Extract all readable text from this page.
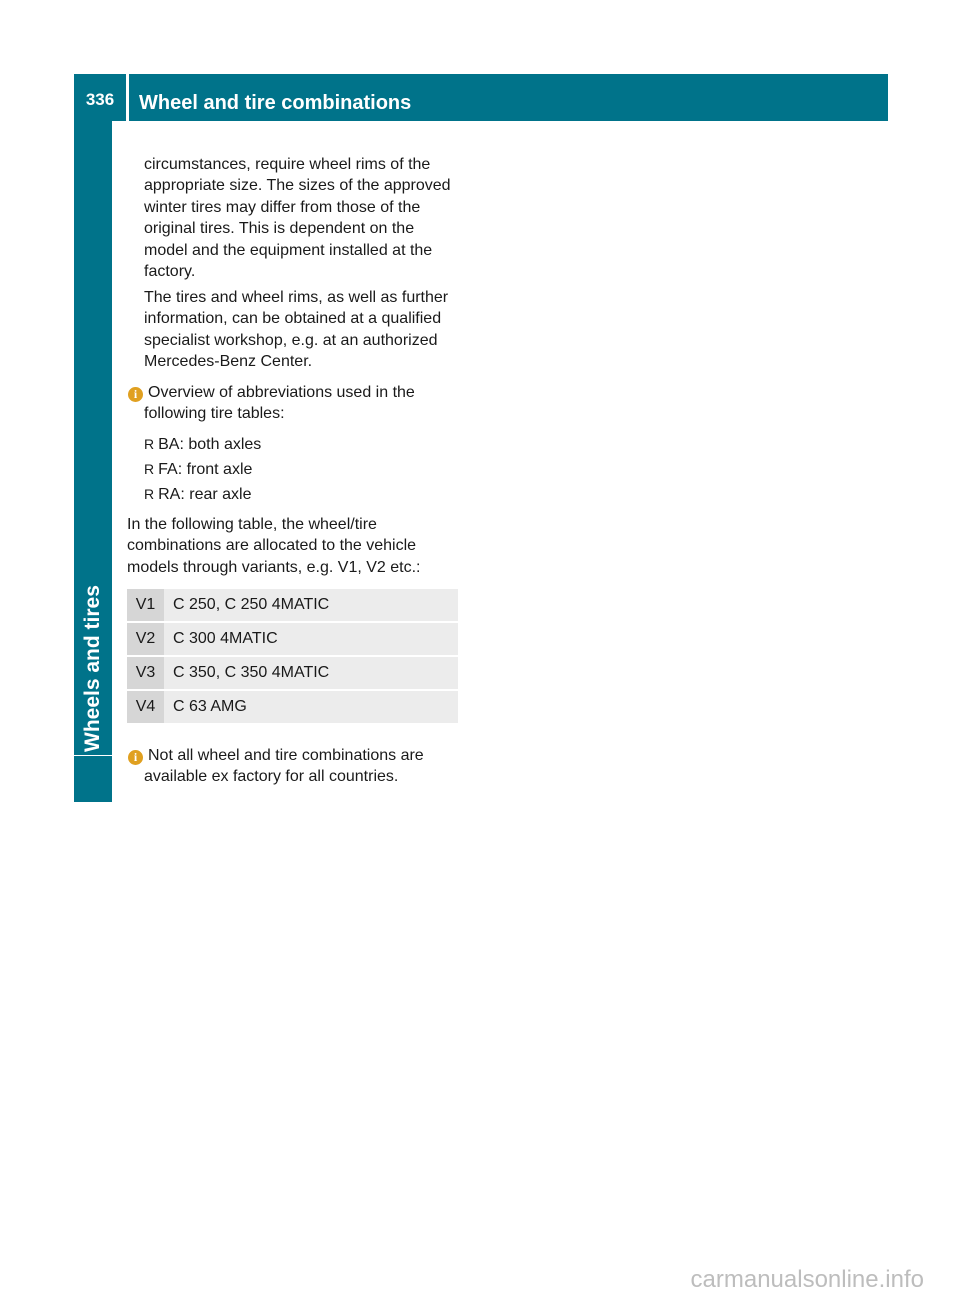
336	Wheel and tire combinations
Wheels and tires
circumstances, require wheel rims of the
appropriate size. The sizes of the approved
winter tires may differ from those of the
original tires. This is dependent on the
model and the equipment installed at the
factory.
The tires and wheel rims, as well as further
information, can be obtained at a qualified
specialist workshop, e.g. at an authorized
Mercedes-Benz Center.
i Overview of abbreviations used in the
following tire tables:
R BA: both axles
R FA: front axle
R RA: rear axle
In the following table, the wheel/tire
combinations are allocated to the vehicle
models through variants, e.g. V1, V2 etc.:
V1	C 250, C 250 4MATIC
V2	C 300 4MATIC
V3	C 350, C 350 4MATIC
V4	C 63 AMG
i Not all wheel and tire combinations are
available ex factory for all countries.
carmanualsonline.info
